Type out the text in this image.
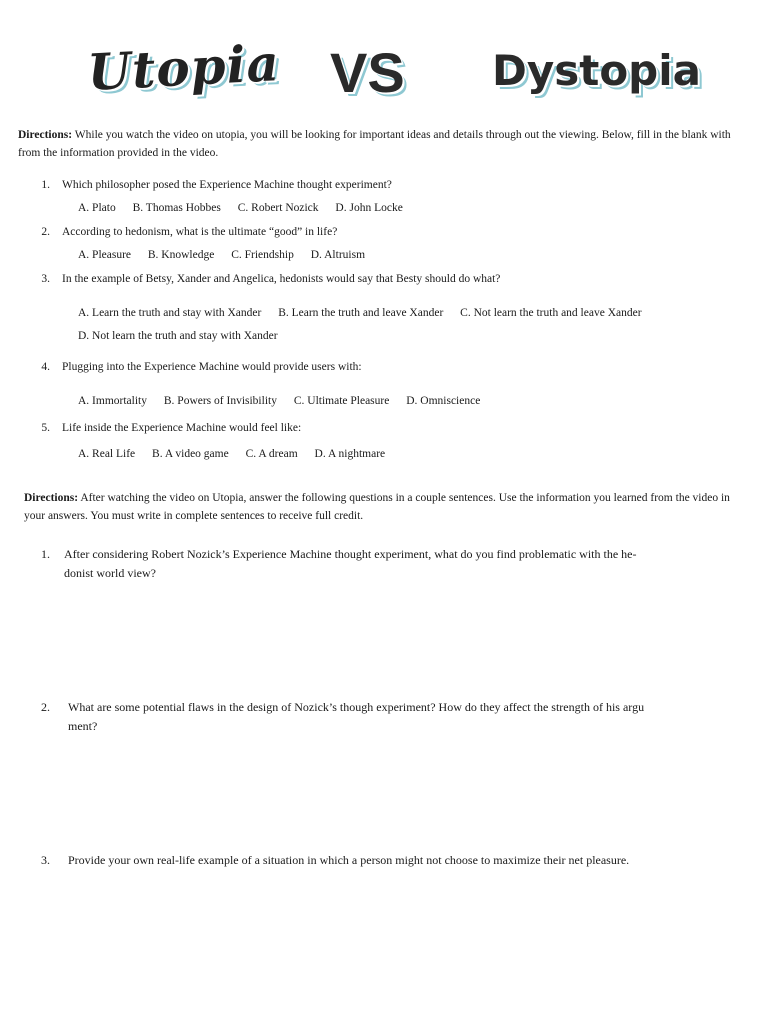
Utopia VS Dystopia
Directions: While you watch the video on utopia, you will be looking for important ideas and details through out the viewing. Below, fill in the blank with from the information provided in the video.
1. Which philosopher posed the Experience Machine thought experiment?
A. Plato B. Thomas Hobbes C. Robert Nozick D. John Locke
2. According to hedonism, what is the ultimate “good” in life?
A. Pleasure B. Knowledge C. Friendship D. Altruism
3. In the example of Betsy, Xander and Angelica, hedonists would say that Besty should do what?
A. Learn the truth and stay with Xander B. Learn the truth and leave Xander C. Not learn the truth and leave Xander
D. Not learn the truth and stay with Xander
4. Plugging into the Experience Machine would provide users with:
A. Immortality B. Powers of Invisibility C. Ultimate Pleasure D. Omniscience
5. Life inside the Experience Machine would feel like:
A. Real Life B. A video game C. A dream D. A nightmare
Directions: After watching the video on Utopia, answer the following questions in a couple sentences. Use the information you learned from the video in your answers. You must write in complete sentences to receive full credit.
1. After considering Robert Nozick’s Experience Machine thought experiment, what do you find problematic with the he-
donist world view?
2. What are some potential flaws in the design of Nozick’s though experiment? How do they affect the strength of his argu
ment?
3. Provide your own real-life example of a situation in which a person might not choose to maximize their net pleasure.
